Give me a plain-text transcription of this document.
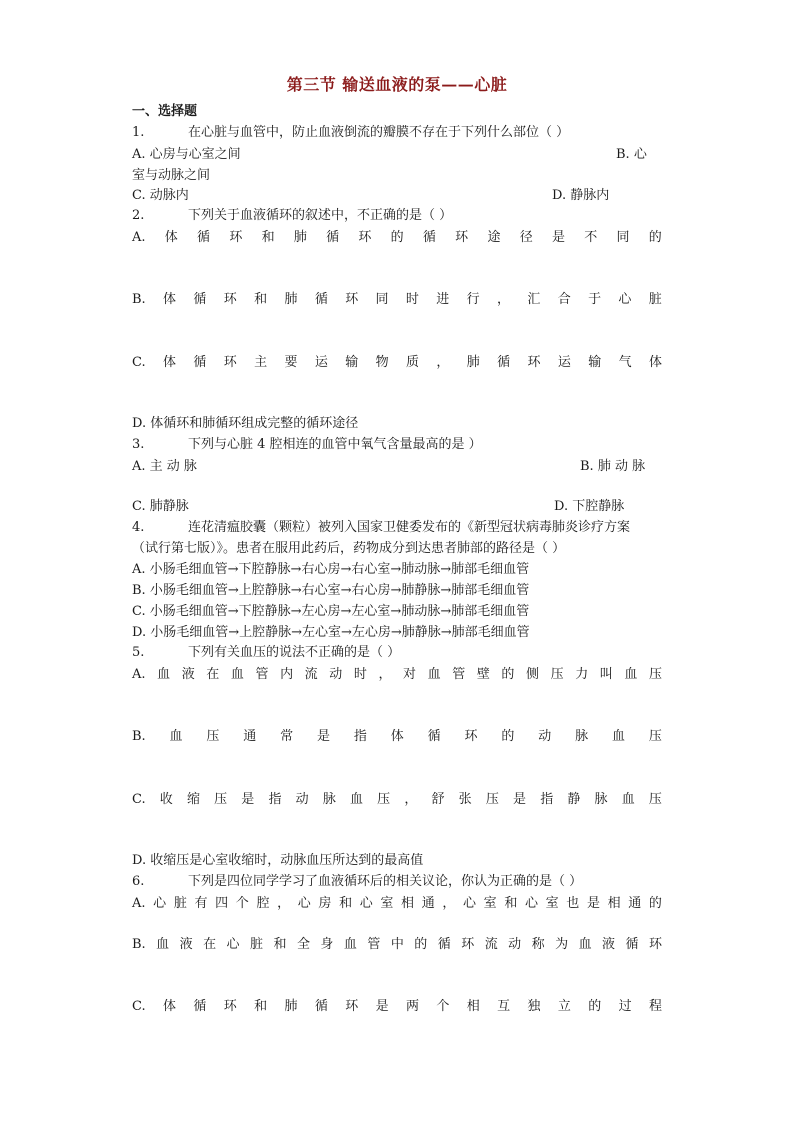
第三节 输送血液的泵——心脏
一、选择题
1.	在心脏与血管中，防止血液倒流的瓣膜不存在于下列什么部位（ ）
A. 心房与心室之间	B. 心
室与动脉之间
C. 动脉内	D. 静脉内
2.	下列关于血液循环的叙述中，不正确的是（ ）
A. 体 循 环 和 肺 循 环 的 循 环 途 径 是 不 同 的
B. 体 循 环 和 肺 循 环 同 时 进 行 ， 汇 合 于 心 脏
C. 体 循 环 主 要 运 输 物 质 ， 肺 循 环 运 输 气 体
D. 体循环和肺循环组成完整的循环途径
3.	下列与心脏 4 腔相连的血管中氧气含量最高的是 ）
A. 主 动 脉	B. 肺 动 脉
C. 肺静脉	D. 下腔静脉
4.	连花清瘟胶囊（颗粒）被列入国家卫健委发布的《新型冠状病毒肺炎诊疗方案
（试行第七版）》。患者在服用此药后，药物成分到达患者肺部的路径是（ ）
A. 小肠毛细血管→下腔静脉→右心房→右心室→肺动脉→肺部毛细血管
B. 小肠毛细血管→上腔静脉→右心室→右心房→肺静脉→肺部毛细血管
C. 小肠毛细血管→下腔静脉→左心房→左心室→肺动脉→肺部毛细血管
D. 小肠毛细血管→上腔静脉→左心室→左心房→肺静脉→肺部毛细血管
5.	下列有关血压的说法不正确的是（ ）
A. 血 液 在 血 管 内 流 动 时 ， 对 血 管 壁 的 侧 压 力 叫 血 压
B. 血 压 通 常 是 指 体 循 环 的 动 脉 血 压
C. 收 缩 压 是 指 动 脉 血 压 ， 舒 张 压 是 指 静 脉 血 压
D. 收缩压是心室收缩时，动脉血压所达到的最高值
6.	下列是四位同学学习了血液循环后的相关议论，你认为正确的是（ ）
A. 心 脏 有 四 个 腔 ， 心 房 和 心 室 相 通 ， 心 室 和 心 室 也 是 相 通 的
B. 血 液 在 心 脏 和 全 身 血 管 中 的 循 环 流 动 称 为 血 液 循 环
C. 体 循 环 和 肺 循 环 是 两 个 相 互 独 立 的 过 程
